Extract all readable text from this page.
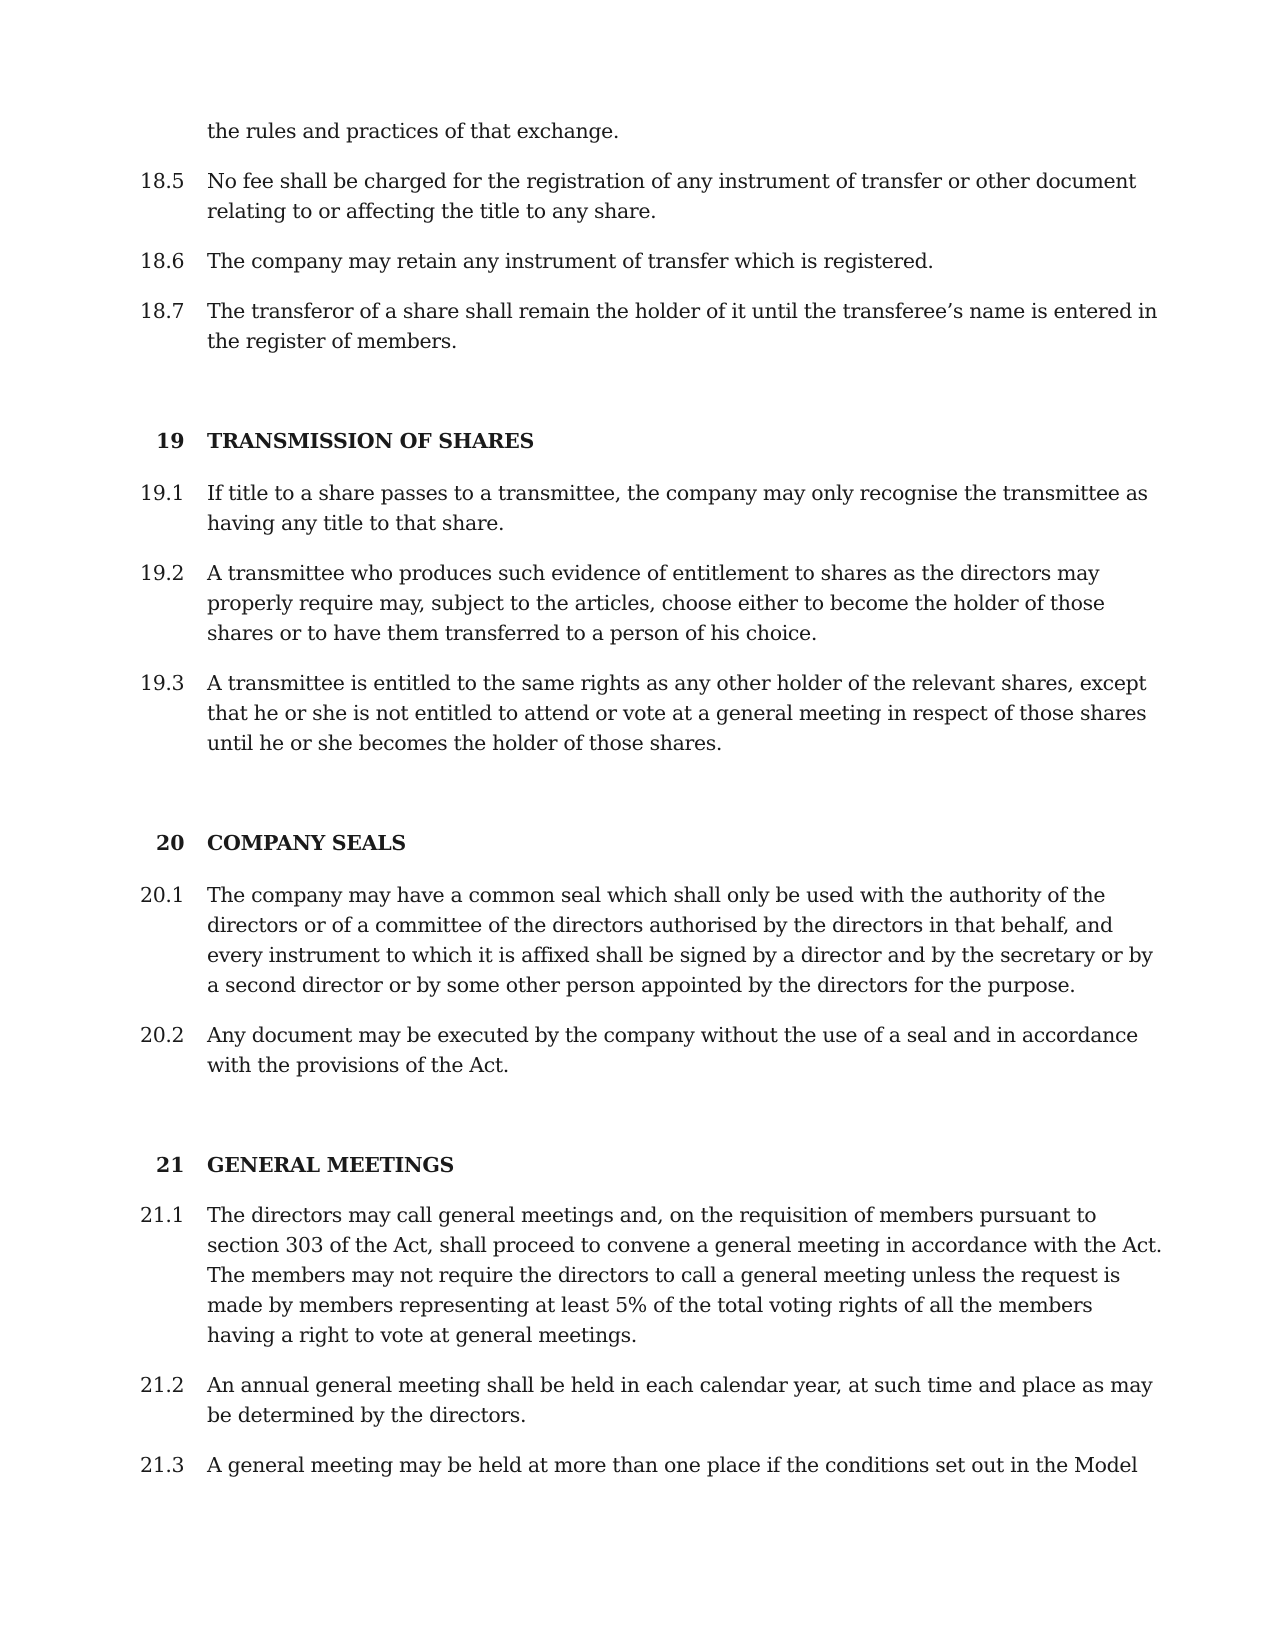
the rules and practices of that exchange.
18.5 No fee shall be charged for the registration of any instrument of transfer or other document
relating to or affecting the title to any share.
18.6 The company may retain any instrument of transfer which is registered.
18.7 The transferor of a share shall remain the holder of it until the transferee’s name is entered in
the register of members.
19 TRANSMISSION OF SHARES
19.1 If title to a share passes to a transmittee, the company may only recognise the transmittee as
having any title to that share.
19.2 A transmittee who produces such evidence of entitlement to shares as the directors may
properly require may, subject to the articles, choose either to become the holder of those
shares or to have them transferred to a person of his choice.
19.3 A transmittee is entitled to the same rights as any other holder of the relevant shares, except
that he or she is not entitled to attend or vote at a general meeting in respect of those shares
until he or she becomes the holder of those shares.
20 COMPANY SEALS
20.1 The company may have a common seal which shall only be used with the authority of the
directors or of a committee of the directors authorised by the directors in that behalf, and
every instrument to which it is affixed shall be signed by a director and by the secretary or by
a second director or by some other person appointed by the directors for the purpose.
20.2 Any document may be executed by the company without the use of a seal and in accordance
with the provisions of the Act.
21 GENERAL MEETINGS
21.1 The directors may call general meetings and, on the requisition of members pursuant to
section 303 of the Act, shall proceed to convene a general meeting in accordance with the Act.
The members may not require the directors to call a general meeting unless the request is
made by members representing at least 5% of the total voting rights of all the members
having a right to vote at general meetings.
21.2 An annual general meeting shall be held in each calendar year, at such time and place as may
be determined by the directors.
21.3 A general meeting may be held at more than one place if the conditions set out in the Model
